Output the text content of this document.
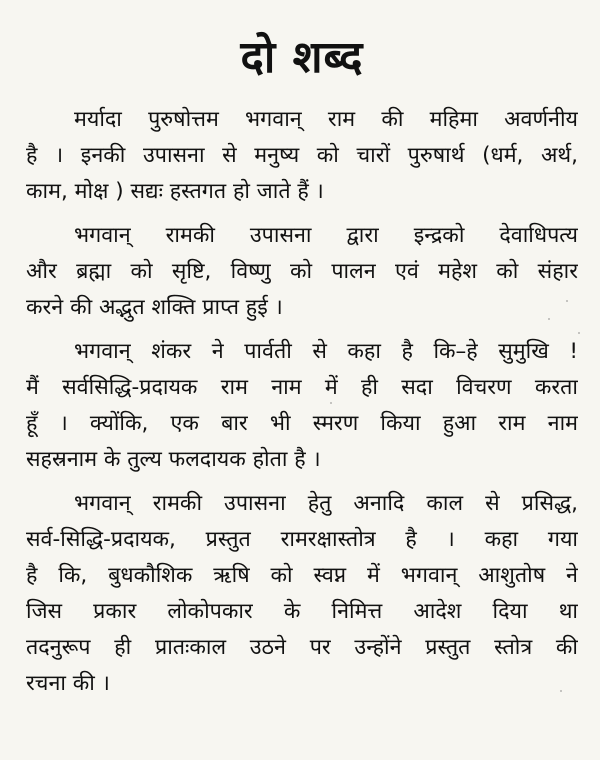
दो शब्द
मर्यादा पुरुषोत्तम भगवान् राम की महिमा अवर्णनीय
है । इनकी उपासना से मनुष्य को चारों पुरुषार्थ (धर्म, अर्थ,
काम, मोक्ष ) सद्यः हस्तगत हो जाते हैं ।
भगवान् रामकी उपासना द्वारा इन्द्रको देवाधिपत्य
और ब्रह्मा को सृष्टि, विष्णु को पालन एवं महेश को संहार
करने की अद्भुत शक्ति प्राप्त हुई ।
भगवान् शंकर ने पार्वती से कहा है कि–हे सुमुखि !
मैं सर्वसिद्धि-प्रदायक राम नाम में ही सदा विचरण करता
हूँ । क्योंकि, एक बार भी स्मरण किया हुआ राम नाम
सहस्रनाम के तुल्य फलदायक होता है ।
भगवान् रामकी उपासना हेतु अनादि काल से प्रसिद्ध,
सर्व-सिद्धि-प्रदायक, प्रस्तुत रामरक्षास्तोत्र है । कहा गया
है कि, बुधकौशिक ऋषि को स्वप्न में भगवान् आशुतोष ने
जिस प्रकार लोकोपकार के निमित्त आदेश दिया था
तदनुरूप ही प्रातःकाल उठने पर उन्होंने प्रस्तुत स्तोत्र की
रचना की ।
